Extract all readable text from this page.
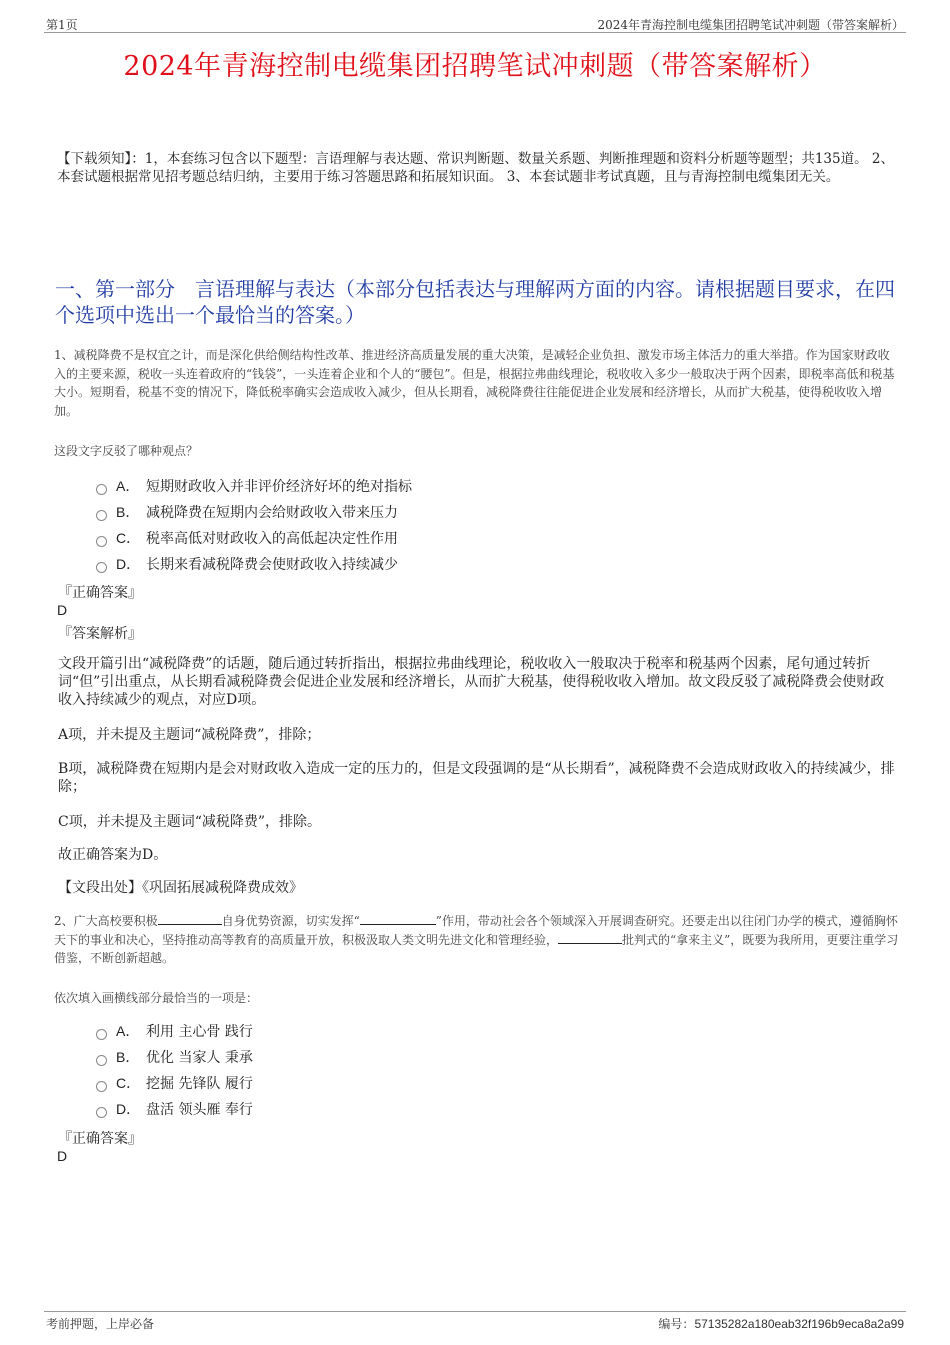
第1页	2024年青海控制电缆集团招聘笔试冲刺题（带答案解析）
2024年青海控制电缆集团招聘笔试冲刺题（带答案解析）
【下载须知】：1，本套练习包含以下题型：言语理解与表达题、常识判断题、数量关系题、判断推理题和资料分析题等题型；共135道。 2、本套试题根据常见招考题总结归纳，主要用于练习答题思路和拓展知识面。 3、本套试题非考试真题，且与青海控制电缆集团无关。
一、第一部分　言语理解与表达（本部分包括表达与理解两方面的内容。请根据题目要求，在四个选项中选出一个最恰当的答案。）
1、减税降费不是权宜之计，而是深化供给侧结构性改革、推进经济高质量发展的重大决策，是减轻企业负担、激发市场主体活力的重大举措。作为国家财政收入的主要来源，税收一头连着政府的“钱袋”，一头连着企业和个人的“腰包”。但是，根据拉弗曲线理论，税收收入多少一般取决于两个因素，即税率高低和税基大小。短期看，税基不变的情况下，降低税率确实会造成收入减少，但从长期看，减税降费往往能促进企业发展和经济增长，从而扩大税基，使得税收收入增加。
这段文字反驳了哪种观点？
A． 短期财政收入并非评价经济好坏的绝对指标
B． 减税降费在短期内会给财政收入带来压力
C． 税率高低对财政收入的高低起决定性作用
D． 长期来看减税降费会使财政收入持续减少
『正确答案』
D
『答案解析』
文段开篇引出“减税降费”的话题，随后通过转折指出，根据拉弗曲线理论，税收收入一般取决于税率和税基两个因素，尾句通过转折词“但”引出重点，从长期看减税降费会促进企业发展和经济增长，从而扩大税基，使得税收收入增加。故文段反驳了减税降费会使财政收入持续减少的观点，对应D项。
A项，并未提及主题词“减税降费”，排除；
B项，减税降费在短期内是会对财政收入造成一定的压力的，但是文段强调的是“从长期看”，减税降费不会造成财政收入的持续减少，排除；
C项，并未提及主题词“减税降费”，排除。
故正确答案为D。
【文段出处】《巩固拓展减税降费成效》
2、广大高校要积极	自身优势资源，切实发挥“	”作用，带动社会各个领域深入开展调查研究。还要走出以往闭门办学的模式，遵循胸怀天下的事业和决心，坚持推动高等教育的高质量开放，积极汲取人类文明先进文化和管理经验，	批判式的“拿来主义”，既要为我所用，更要注重学习借鉴，不断创新超越。
依次填入画横线部分最恰当的一项是：
A． 利用 主心骨 践行
B． 优化 当家人 秉承
C． 挖掘 先锋队 履行
D． 盘活 领头雁 奉行
『正确答案』
D
考前押题，上岸必备	编号：57135282a180eab32f196b9eca8a2a99
